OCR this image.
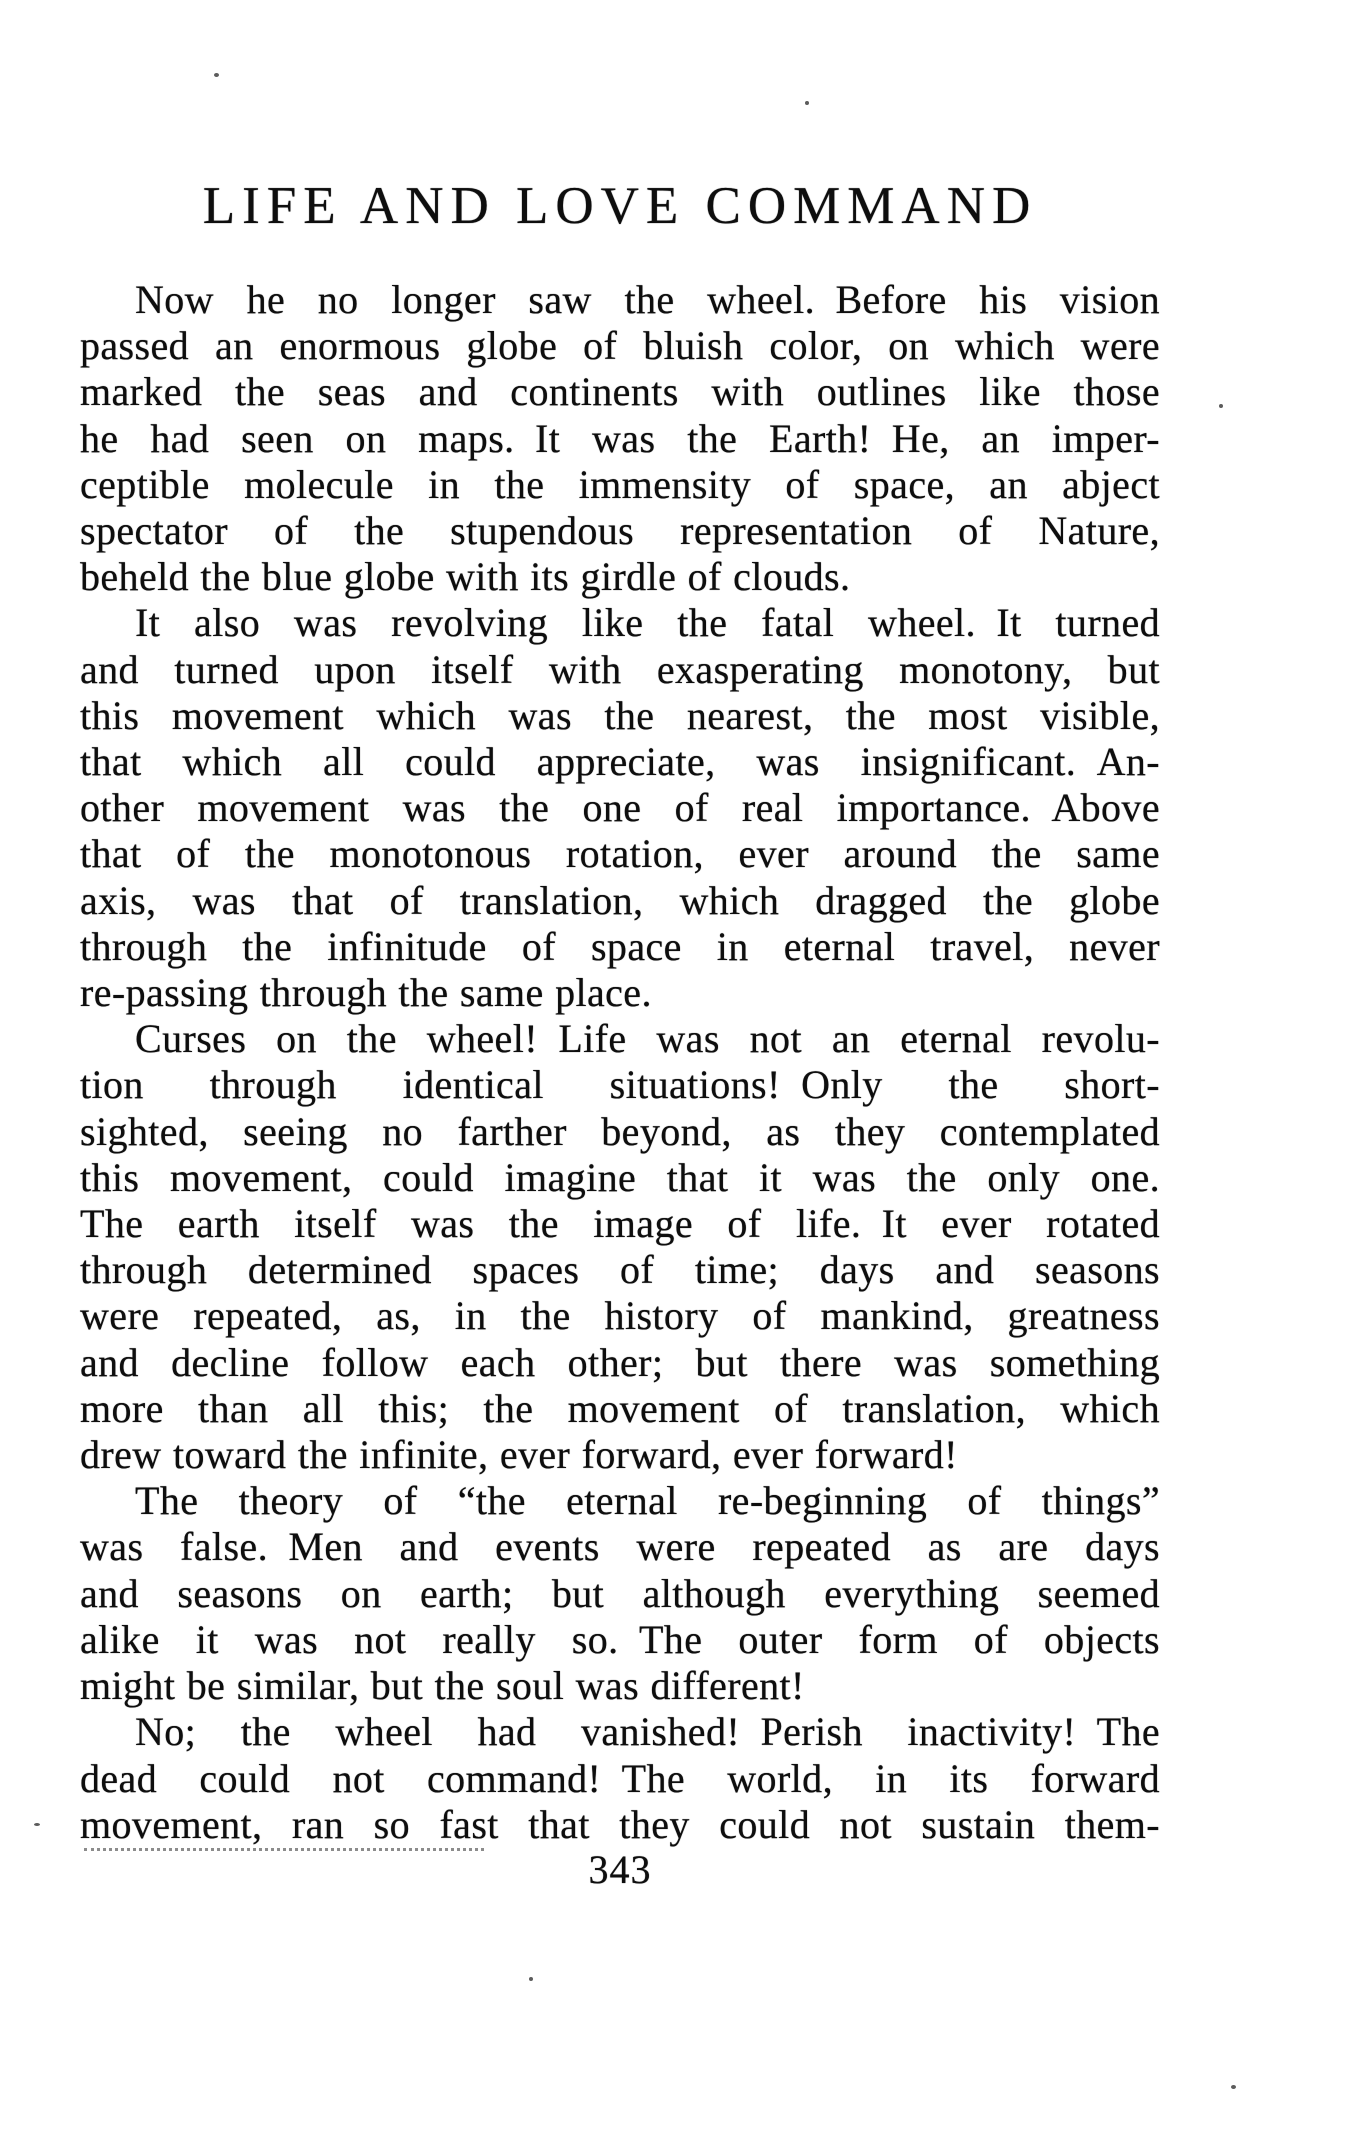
LIFE AND LOVE COMMAND
Now he no longer saw the wheel. Before his vision
passed an enormous globe of bluish color, on which were
marked the seas and continents with outlines like those
he had seen on maps. It was the Earth! He, an imper-
ceptible molecule in the immensity of space, an abject
spectator of the stupendous representation of Nature,
beheld the blue globe with its girdle of clouds.
It also was revolving like the fatal wheel. It turned
and turned upon itself with exasperating monotony, but
this movement which was the nearest, the most visible,
that which all could appreciate, was insignificant. An-
other movement was the one of real importance. Above
that of the monotonous rotation, ever around the same
axis, was that of translation, which dragged the globe
through the infinitude of space in eternal travel, never
re-passing through the same place.
Curses on the wheel! Life was not an eternal revolu-
tion through identical situations! Only the short-
sighted, seeing no farther beyond, as they contemplated
this movement, could imagine that it was the only one.
The earth itself was the image of life. It ever rotated
through determined spaces of time; days and seasons
were repeated, as, in the history of mankind, greatness
and decline follow each other; but there was something
more than all this; the movement of translation, which
drew toward the infinite, ever forward, ever forward!
The theory of “the eternal re-beginning of things”
was false. Men and events were repeated as are days
and seasons on earth; but although everything seemed
alike it was not really so. The outer form of objects
might be similar, but the soul was different!
No; the wheel had vanished! Perish inactivity! The
dead could not command! The world, in its forward
movement, ran so fast that they could not sustain them-
343
